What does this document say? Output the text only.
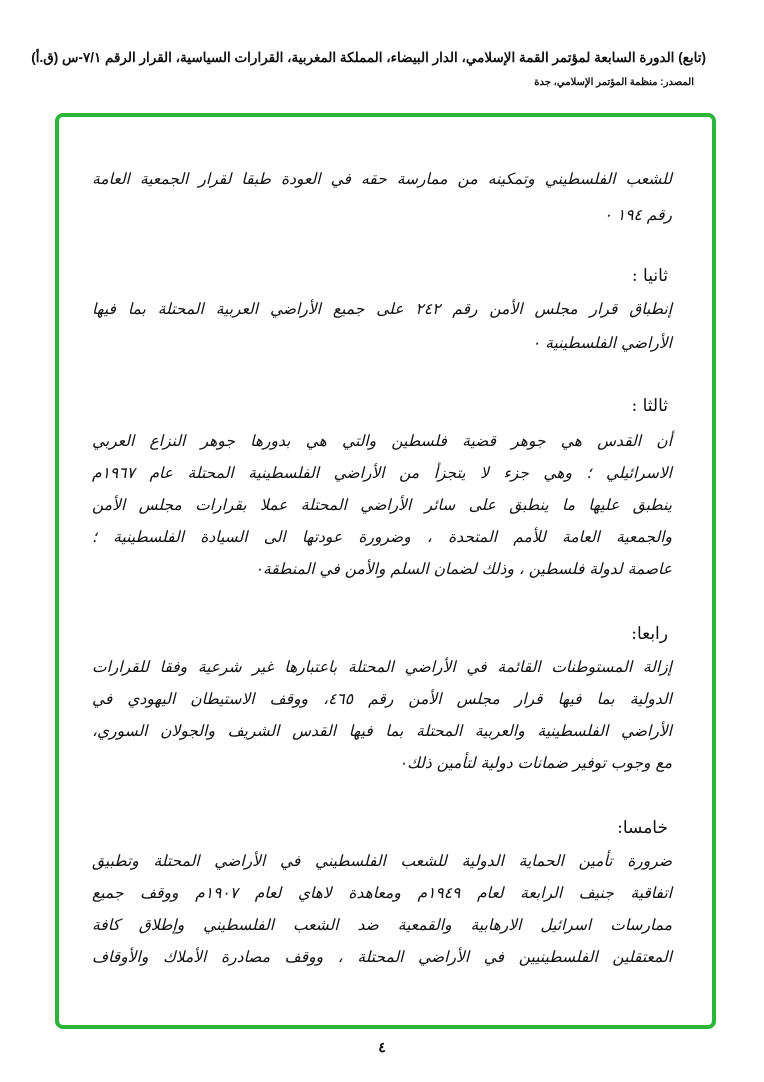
(تابع) الدورة السابعة لمؤتمر القمة الإسلامي، الدار البيضاء، المملكة المغربية، القرارات السياسية، القرار الرقم ٧/١-س (ق.أ)
المصدر: منظمة المؤتمر الإسلامي، جدة
للشعب الفلسطيني وتمكينه من ممارسة حقه في العودة طبقا لقرار الجمعية العامة
رقم ١٩٤ ٠
ثانيا :
إنطباق قرار مجلس الأمن رقم ٢٤٢ على جميع الأراضي العربية المحتلة بما فيها
الأراضي الفلسطينية ٠
ثالثا :
أن القدس هي جوهر قضية فلسطين والتي هي بدورها جوهر النزاع العربي
الاسرائيلي ؛ وهي جزء لا يتجزأ من الأراضي الفلسطينية المحتلة عام ١٩٦٧م
ينطبق عليها ما ينطبق على سائر الأراضي المحتلة عملا بقرارات مجلس الأمن
والجمعية العامة للأمم المتحدة ، وضرورة عودتها الى السيادة الفلسطينية ؛
عاصمة لدولة فلسطين ، وذلك لضمان السلم والأمن في المنطقة٠
رابعا:
إزالة المستوطنات القائمة في الأراضي المحتلة باعتبارها غير شرعية وفقا للقرارات
الدولية بما فيها قرار مجلس الأمن رقم ٤٦٥، ووقف الاستيطان اليهودي في
الأراضي الفلسطينية والعربية المحتلة بما فيها القدس الشريف والجولان السوري،
مع وجوب توفير ضمانات دولية لتأمين ذلك٠
خامسا:
ضرورة تأمين الحماية الدولية للشعب الفلسطيني في الأراضي المحتلة وتطبيق
اتفاقية جنيف الرابعة لعام ١٩٤٩م ومعاهدة لاهاي لعام ١٩٠٧م ووقف جميع
ممارسات اسرائيل الارهابية والقمعية ضد الشعب الفلسطيني وإطلاق كافة
المعتقلين الفلسطينيين في الأراضي المحتلة ، ووقف مصادرة الأملاك والأوقاف
٤
